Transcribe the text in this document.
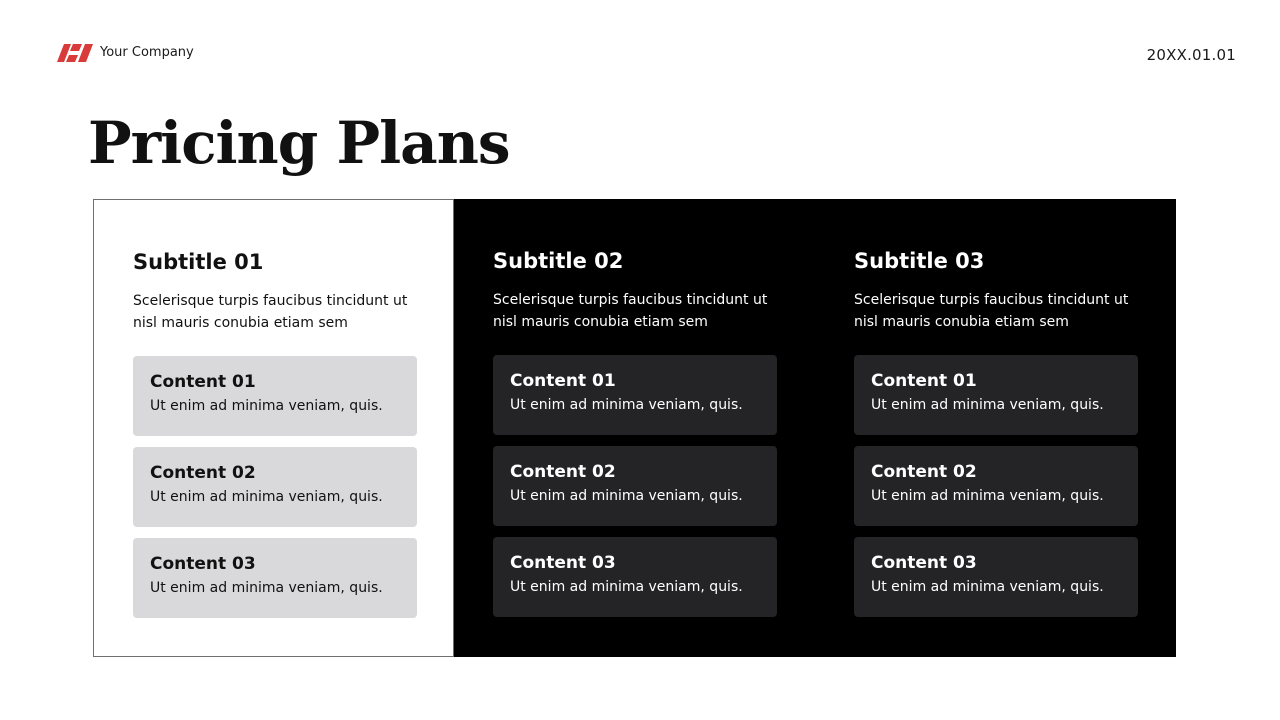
Your Company	20XX.01.01
Pricing Plans
Subtitle 01

Scelerisque turpis faucibus tincidunt ut nisl mauris conubia etiam sem

Content 01
Ut enim ad minima veniam, quis.
Content 02
Ut enim ad minima veniam, quis.
Content 03
Ut enim ad minima veniam, quis.
Subtitle 02

Scelerisque turpis faucibus tincidunt ut nisl mauris conubia etiam sem

Content 01
Ut enim ad minima veniam, quis.
Content 02
Ut enim ad minima veniam, quis.
Content 03
Ut enim ad minima veniam, quis.
Subtitle 03

Scelerisque turpis faucibus tincidunt ut nisl mauris conubia etiam sem

Content 01
Ut enim ad minima veniam, quis.
Content 02
Ut enim ad minima veniam, quis.
Content 03
Ut enim ad minima veniam, quis.
